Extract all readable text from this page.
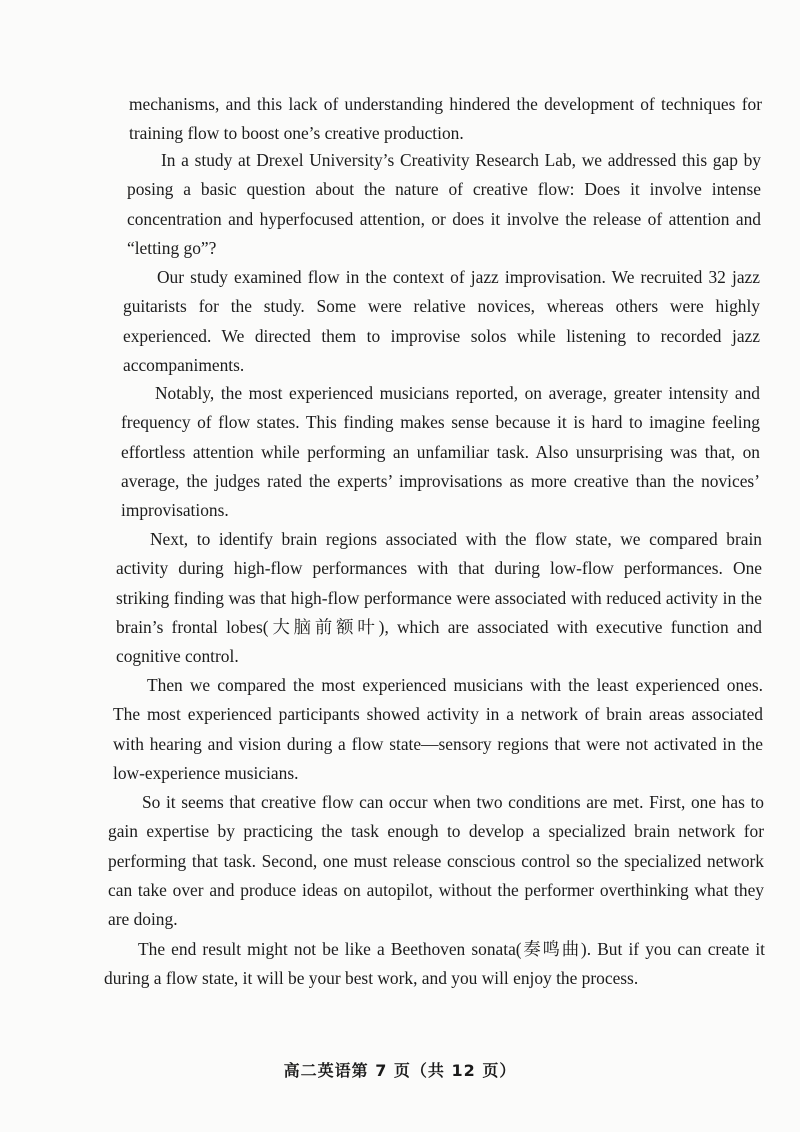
mechanisms, and this lack of understanding hindered the development of techniques for training flow to boost one’s creative production.

In a study at Drexel University’s Creativity Research Lab, we addressed this gap by posing a basic question about the nature of creative flow: Does it involve intense concentration and hyperfocused attention, or does it involve the release of attention and “letting go”?

Our study examined flow in the context of jazz improvisation. We recruited 32 jazz guitarists for the study. Some were relative novices, whereas others were highly experienced. We directed them to improvise solos while listening to recorded jazz accompaniments.

Notably, the most experienced musicians reported, on average, greater intensity and frequency of flow states. This finding makes sense because it is hard to imagine feeling effortless attention while performing an unfamiliar task. Also unsurprising was that, on average, the judges rated the experts’ improvisations as more creative than the novices’ improvisations.

Next, to identify brain regions associated with the flow state, we compared brain activity during high-flow performances with that during low-flow performances. One striking finding was that high-flow performance were associated with reduced activity in the brain’s frontal lobes(大脑前额叶), which are associated with executive function and cognitive control.

Then we compared the most experienced musicians with the least experienced ones. The most experienced participants showed activity in a network of brain areas associated with hearing and vision during a flow state—sensory regions that were not activated in the low-experience musicians.

So it seems that creative flow can occur when two conditions are met. First, one has to gain expertise by practicing the task enough to develop a specialized brain network for performing that task. Second, one must release conscious control so the specialized network can take over and produce ideas on autopilot, without the performer overthinking what they are doing.

The end result might not be like a Beethoven sonata(奏鸣曲). But if you can create it during a flow state, it will be your best work, and you will enjoy the process.

高二英语第 7 页（共 12 页）
